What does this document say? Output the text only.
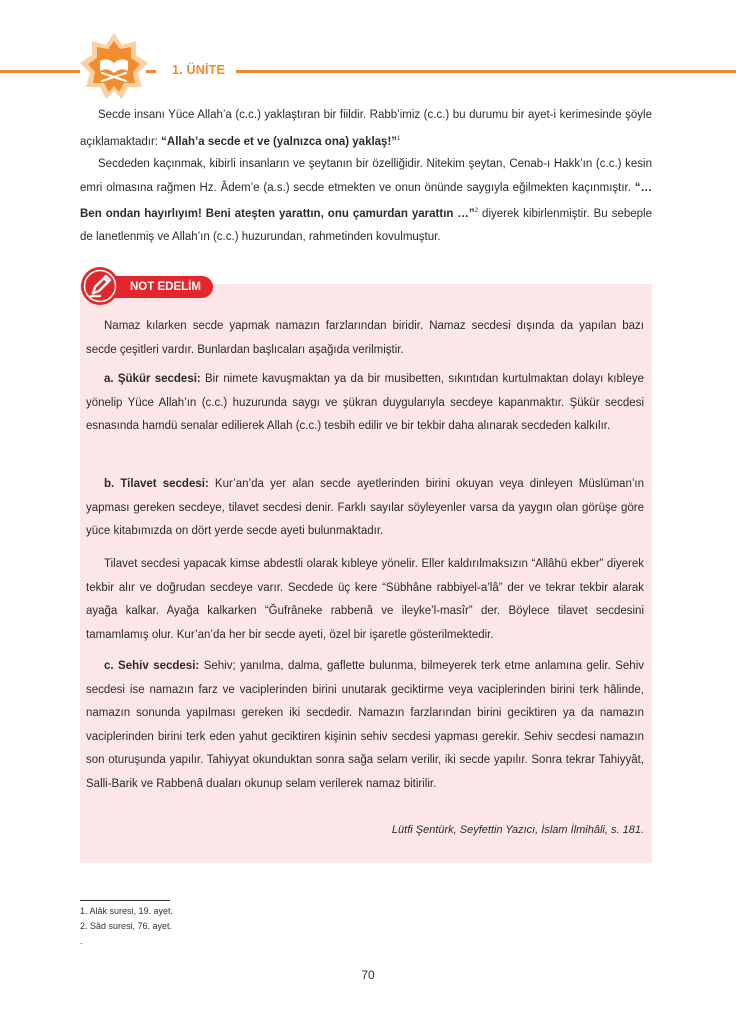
1. ÜNİTE

Secde insanı Yüce Allah’a (c.c.) yaklaştıran bir fiildir. Rabb’imiz (c.c.) bu durumu bir ayet-i kerimesinde şöyle açıklamaktadır: “Allah’a secde et ve (yalnızca ona) yaklaş!”$^1$

Secdeden kaçınmak, kibirli insanların ve şeytanın bir özelliğidir. Nitekim şeytan, Cenab-ı Hakk’ın (c.c.) kesin emri olmasına rağmen Hz. Âdem’e (a.s.) secde etmekten ve onun önünde saygıyla eğilmekten kaçınmıştır. “…Ben ondan hayırlıyım! Beni ateşten yarattın, onu çamurdan yarattın …”$^2$ diyerek kibirlenmiştir. Bu sebeple de lanetlenmiş ve Allah’ın (c.c.) huzurundan, rahmetinden kovulmuştur.

NOT EDELİM

Namaz kılarken secde yapmak namazın farzlarından biridir. Namaz secdesi dışında da yapılan bazı secde çeşitleri vardır. Bunlardan başlıcaları aşağıda verilmiştir.

a. Şükür secdesi: Bir nimete kavuşmaktan ya da bir musibetten, sıkıntıdan kurtulmaktan dolayı kıbleye yönelip Yüce Allah’ın (c.c.) huzurunda saygı ve şükran duygularıyla secdeye kapanmaktır. Şükür secdesi esnasında hamdü senalar edilierek Allah (c.c.) tesbih edilir ve bir tekbir daha alınarak secdeden kalkılır.

b. Tilavet secdesi: Kur’an’da yer alan secde ayetlerinden birini okuyan veya dinleyen Müslüman’ın yapması gereken secdeye, tilavet secdesi denir. Farklı sayılar söyleyenler varsa da yaygın olan görüşe göre yüce kitabımızda on dört yerde secde ayeti bulunmaktadır.

Tilavet secdesi yapacak kimse abdestli olarak kıbleye yönelir. Eller kaldırılmaksızın “Allâhü ekber” diyerek tekbir alır ve doğrudan secdeye varır. Secdede üç kere “Sübhâne rabbiyel-a’lâ” der ve tekrar tekbir alarak ayağa kalkar. Ayağa kalkarken “Ğufrâneke rabbenâ ve ileyke’l-masîr” der. Böylece tilavet secdesini tamamlamış olur. Kur’an’da her bir secde ayeti, özel bir işaretle gösterilmektedir.

c. Sehiv secdesi: Sehiv; yanılma, dalma, gaflette bulunma, bilmeyerek terk etme anlamına gelir. Sehiv secdesi ise namazın farz ve vaciplerinden birini unutarak geciktirme veya vaciplerinden birini terk hâlinde, namazın sonunda yapılması gereken iki secdedir. Namazın farzlarından birini geciktiren ya da namazın vaciplerinden birini terk eden yahut geciktiren kişinin sehiv secdesi yapması gerekir. Sehiv secdesi namazın son oturuşunda yapılır. Tahiyyat okunduktan sonra sağa selam verilir, iki secde yapılır. Sonra tekrar Tahiyyât, Salli-Barik ve Rabbenâ duaları okunup selam verilerek namaz bitirilir.

Lütfi Şentürk, Seyfettin Yazıcı, İslam İlmihâli, s. 181.
1. Alâk suresi, 19. ayet.
2. Sâd suresi, 76. ayet.
.
70
